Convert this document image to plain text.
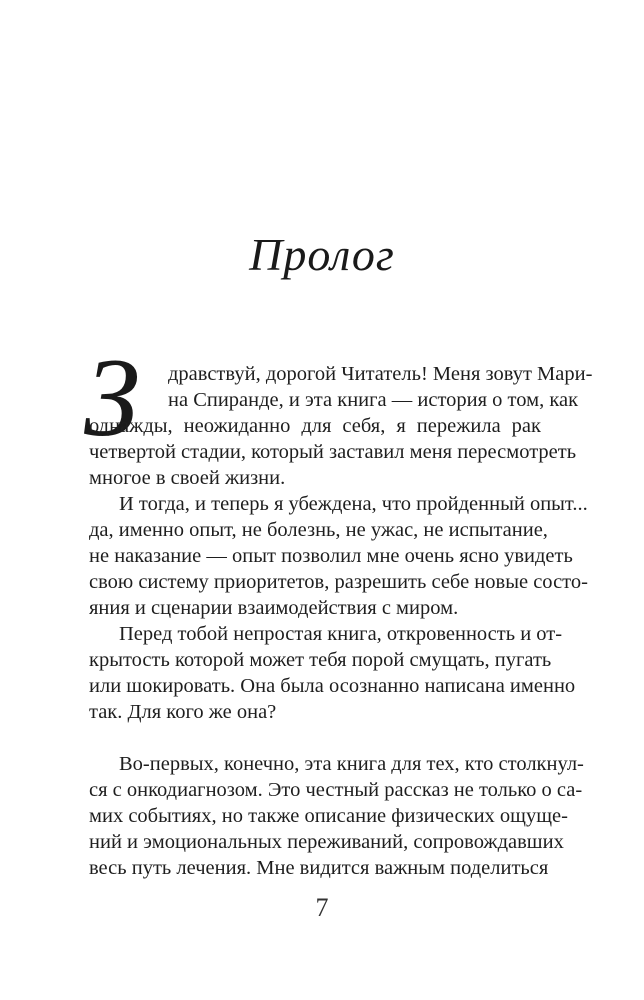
Пролог
З дравствуй, дорогой Читатель! Меня зовут Мари-
на Спиранде, и эта книга — история о том, как
однажды, неожиданно для себя, я пережила рак
четвертой стадии, который заставил меня пересмотреть
многое в своей жизни.
И тогда, и теперь я убеждена, что пройденный опыт...
да, именно опыт, не болезнь, не ужас, не испытание,
не наказание — опыт позволил мне очень ясно увидеть
свою систему приоритетов, разрешить себе новые состо-
яния и сценарии взаимодействия с миром.
Перед тобой непростая книга, откровенность и от-
крытость которой может тебя порой смущать, пугать
или шокировать. Она была осознанно написана именно
так. Для кого же она?
Во-первых, конечно, эта книга для тех, кто столкнул-
ся с онкодиагнозом. Это честный рассказ не только о са-
мих событиях, но также описание физических ощуще-
ний и эмоциональных переживаний, сопровождавших
весь путь лечения. Мне видится важным поделиться
7
